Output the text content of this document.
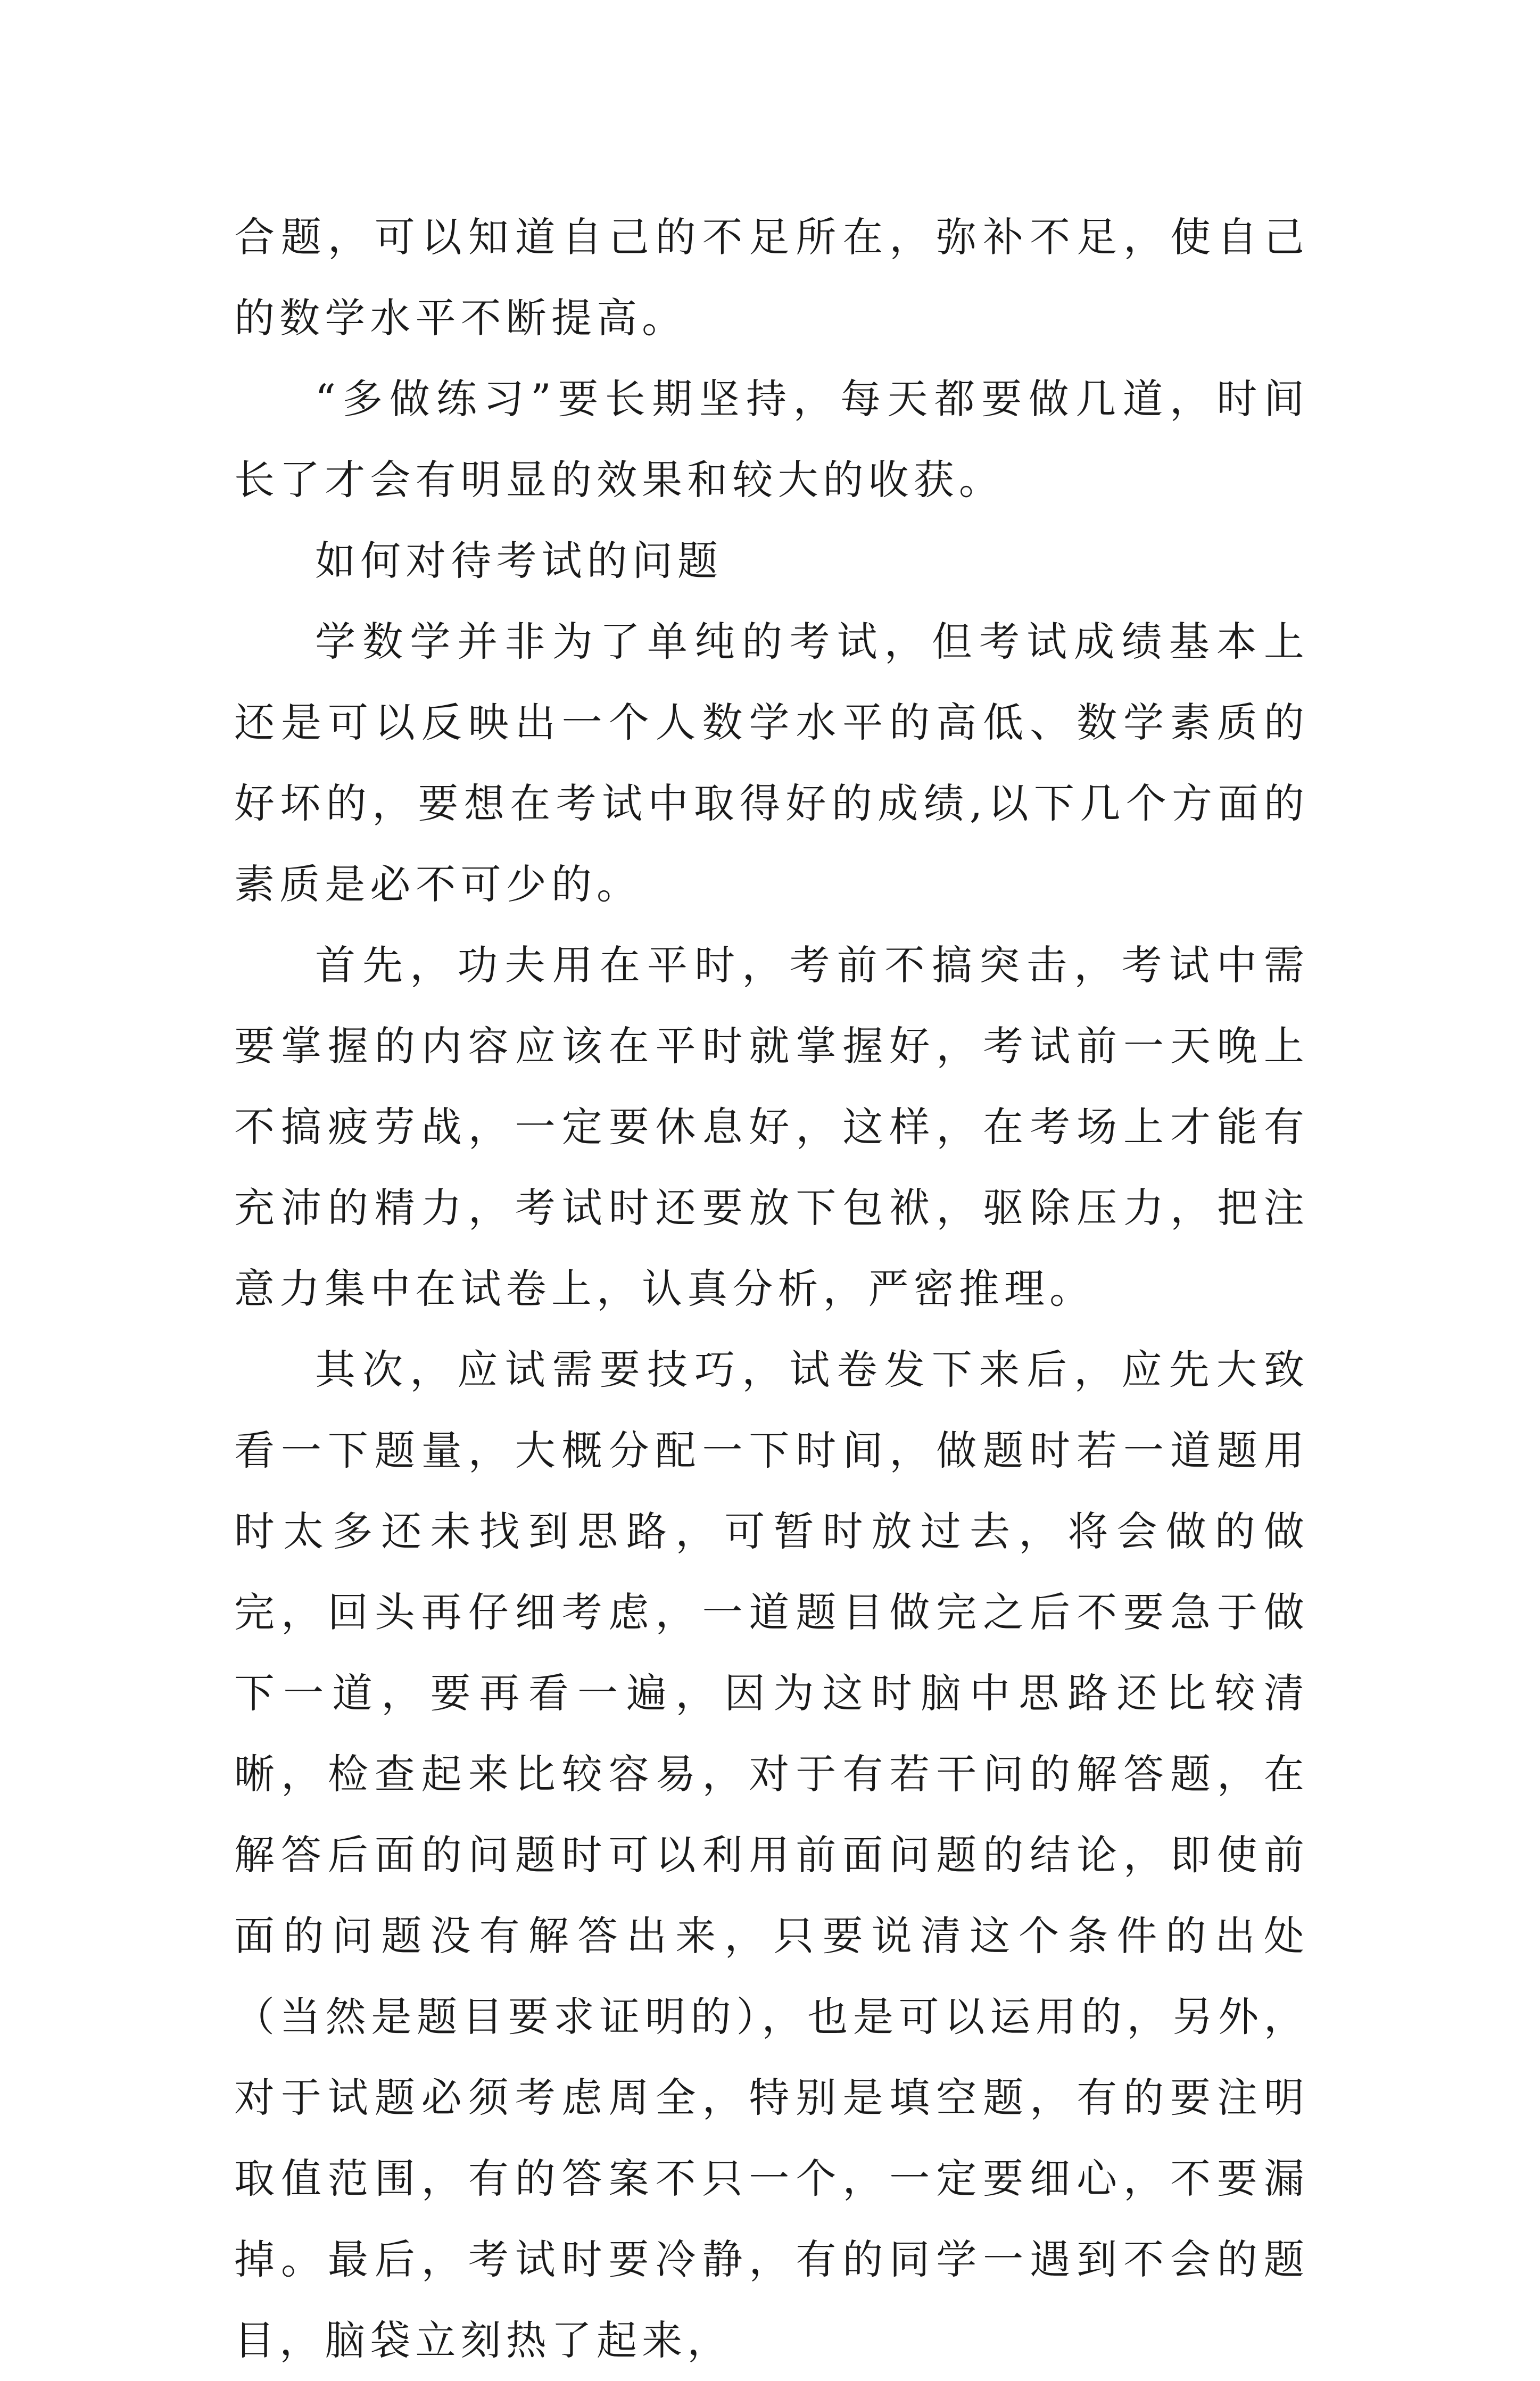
合题，可以知道自己的不足所在，弥补不足，使自己的数学水平不断提高。

“多做练习”要长期坚持，每天都要做几道，时间长了才会有明显的效果和较大的收获。

如何对待考试的问题

学数学并非为了单纯的考试，但考试成绩基本上还是可以反映出一个人数学水平的高低、数学素质的好坏的，要想在考试中取得好的成绩,以下几个方面的素质是必不可少的。

首先，功夫用在平时，考前不搞突击，考试中需要掌握的内容应该在平时就掌握好，考试前一天晚上不搞疲劳战，一定要休息好，这样，在考场上才能有充沛的精力，考试时还要放下包袱，驱除压力，把注意力集中在试卷上，认真分析，严密推理。

其次，应试需要技巧，试卷发下来后，应先大致看一下题量，大概分配一下时间，做题时若一道题用时太多还未找到思路，可暂时放过去，将会做的做完，回头再仔细考虑，一道题目做完之后不要急于做下一道，要再看一遍，因为这时脑中思路还比较清晰，检查起来比较容易，对于有若干问的解答题，在解答后面的问题时可以利用前面问题的结论，即使前面的问题没有解答出来，只要说清这个条件的出处（当然是题目要求证明的），也是可以运用的，另外，对于试题必须考虑周全，特别是填空题，有的要注明取值范围，有的答案不只一个，一定要细心，不要漏掉。最后，考试时要冷静，有的同学一遇到不会的题目，脑袋立刻热了起来，
